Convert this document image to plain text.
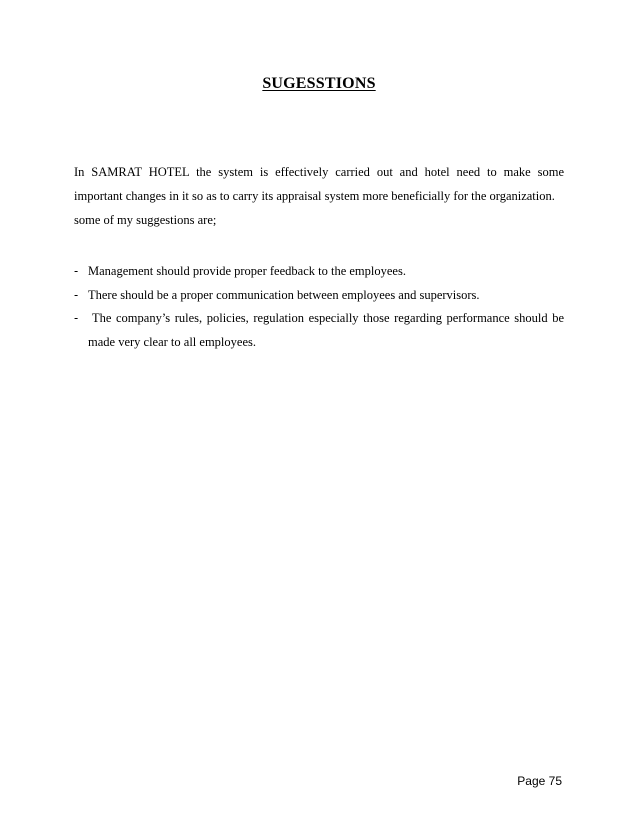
SUGESSTIONS
In SAMRAT HOTEL the system is effectively carried out and hotel need to make some
important changes in it so as to carry its appraisal system more beneficially for the organization.
some of my suggestions are;
- Management should provide proper feedback to the employees.
- There should be a proper communication between employees and supervisors.
-	The company’s rules, policies, regulation especially those regarding performance should be
made very clear to all employees.
Page 75
